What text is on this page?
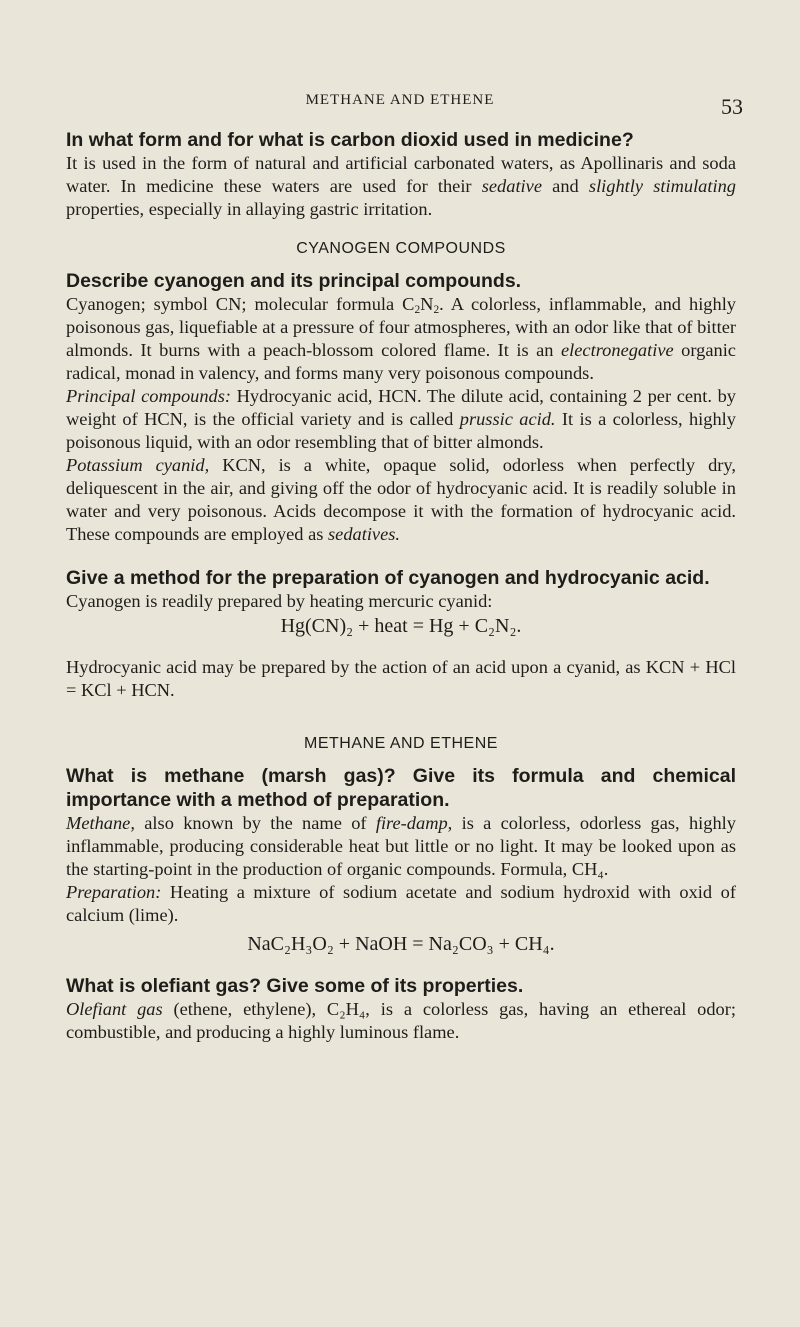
METHANE AND ETHENE	53
In what form and for what is carbon dioxid used in medicine?

It is used in the form of natural and artificial carbonated waters, as Apollinaris and soda water. In medicine these waters are used for their sedative and slightly stimulating properties, especially in allaying gastric irritation.

CYANOGEN COMPOUNDS
Describe cyanogen and its principal compounds.

Cyanogen; symbol CN; molecular formula $C_2N_2$. A colorless, inflammable, and highly poisonous gas, liquefiable at a pressure of four atmospheres, with an odor like that of bitter almonds. It burns with a peach-blossom colored flame. It is an electronegative organic radical, monad in valency, and forms many very poisonous compounds.

Principal compounds: Hydrocyanic acid, HCN. The dilute acid, containing 2 per cent. by weight of HCN, is the official variety and is called prussic acid. It is a colorless, highly poisonous liquid, with an odor resembling that of bitter almonds.

Potassium cyanid, KCN, is a white, opaque solid, odorless when perfectly dry, deliquescent in the air, and giving off the odor of hydrocyanic acid. It is readily soluble in water and very poisonous. Acids decompose it with the formation of hydrocyanic acid. These compounds are employed as sedatives.

Give a method for the preparation of cyanogen and hydrocyanic acid.

Cyanogen is readily prepared by heating mercuric cyanid:

Hg(CN)₂ + heat = Hg + C₂N₂.

Hydrocyanic acid may be prepared by the action of an acid upon a cyanid, as KCN + HCl = KCl + HCN.

METHANE AND ETHENE
What is methane (marsh gas)? Give its formula and chemical importance with a method of preparation.

Methane, also known by the name of fire-damp, is a colorless, odorless gas, highly inflammable, producing considerable heat but little or no light. It may be looked upon as the starting-point in the production of organic compounds. Formula, CH₄.

Preparation: Heating a mixture of sodium acetate and sodium hydroxid with oxid of calcium (lime).

NaC₂H₃O₂ + NaOH = Na₂CO₃ + CH₄.

What is olefiant gas? Give some of its properties.

Olefiant gas (ethene, ethylene), C₂H₄, is a colorless gas, having an ethereal odor; combustible, and producing a highly luminous flame.
